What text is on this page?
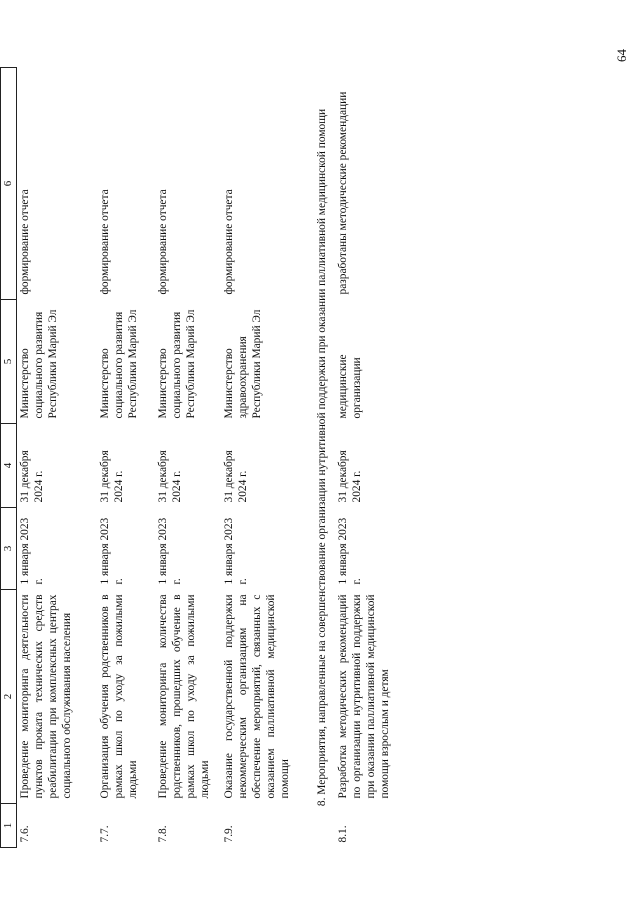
64
1	2	3	4	5	6
7.6.	Проведение мониторинга деятельности пунктов проката технических средств реабилитации при комплексных центрах социального обслуживания населения	1 января 2023 г.	31 декабря 2024 г.	Министерство социального развития Республики Марий Эл	формирование отчета
7.7.	Организация обучения родственников в рамках школ по уходу за пожилыми людьми	1 января 2023 г.	31 декабря 2024 г.	Министерство социального развития Республики Марий Эл	формирование отчета
7.8.	Проведение мониторинга количества родственников, прошедших обучение в рамках школ по уходу за пожилыми людьми	1 января 2023 г.	31 декабря 2024 г.	Министерство социального развития Республики Марий Эл	формирование отчета
7.9.	Оказание государственной поддержки некоммерческим организациям на обеспечение мероприятий, связанных с оказанием паллиативной медицинской помощи	1 января 2023 г.	31 декабря 2024 г.	Министерство здравоохранения Республики Марий Эл	формирование отчета
8. Мероприятия, направленные на совершенствование организации нутритивной поддержки при оказании паллиативной медицинской помощи					
8.1.	Разработка методических рекомендаций по организации нутритивной поддержки при оказании паллиативной медицинской помощи взрослым и детям	1 января 2023 г.	31 декабря 2024 г.	медицинские организации	разработаны методические рекомендации
